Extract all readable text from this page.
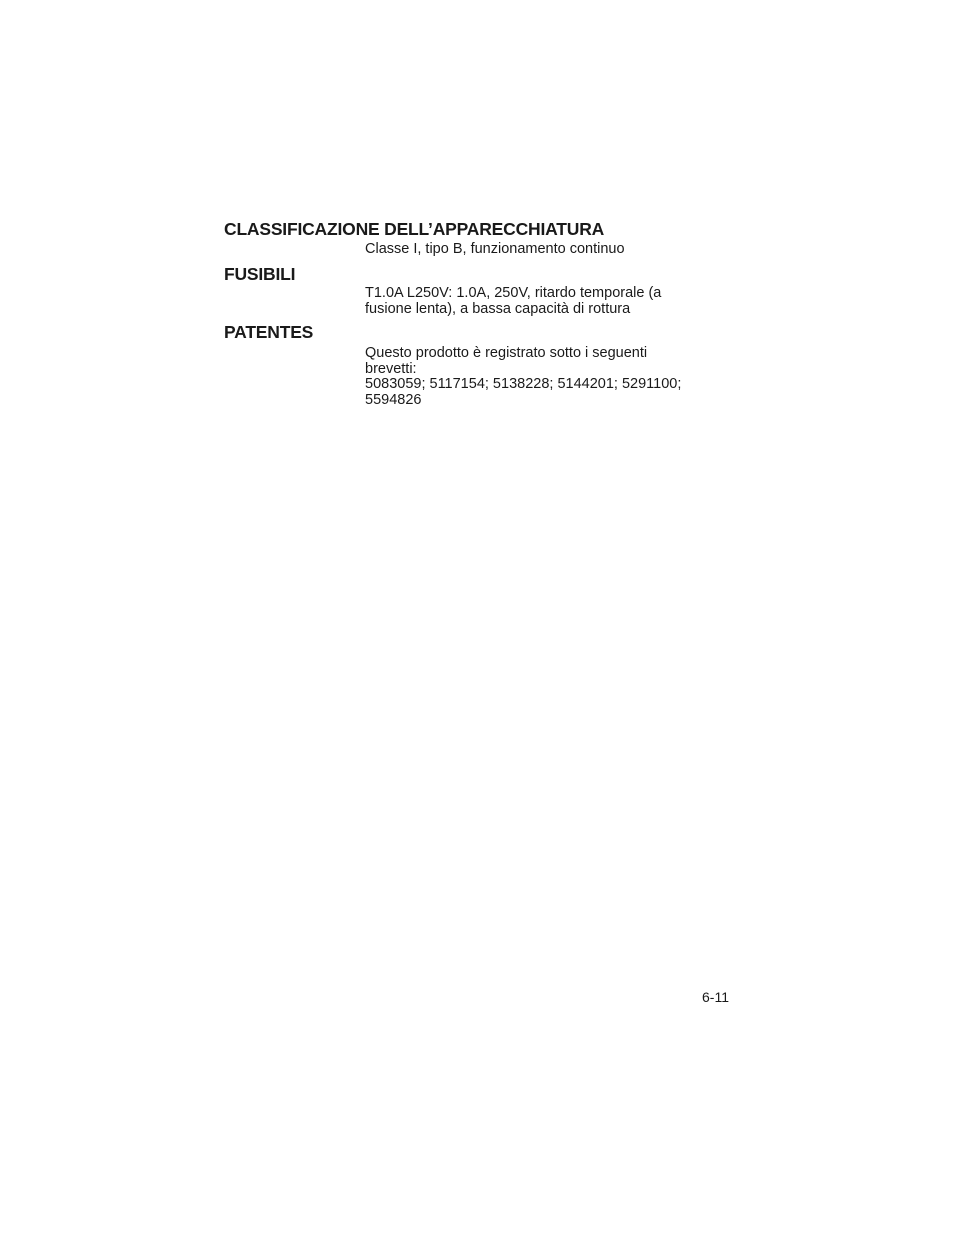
CLASSIFICAZIONE DELL’APPARECCHIATURA

Classe I, tipo B, funzionamento continuo

FUSIBILI

T1.0A L250V: 1.0A, 250V, ritardo temporale (a
fusione lenta), a bassa capacità di rottura

PATENTES

Questo prodotto è registrato sotto i seguenti
brevetti:
5083059; 5117154; 5138228; 5144201; 5291100;
5594826

6-11
